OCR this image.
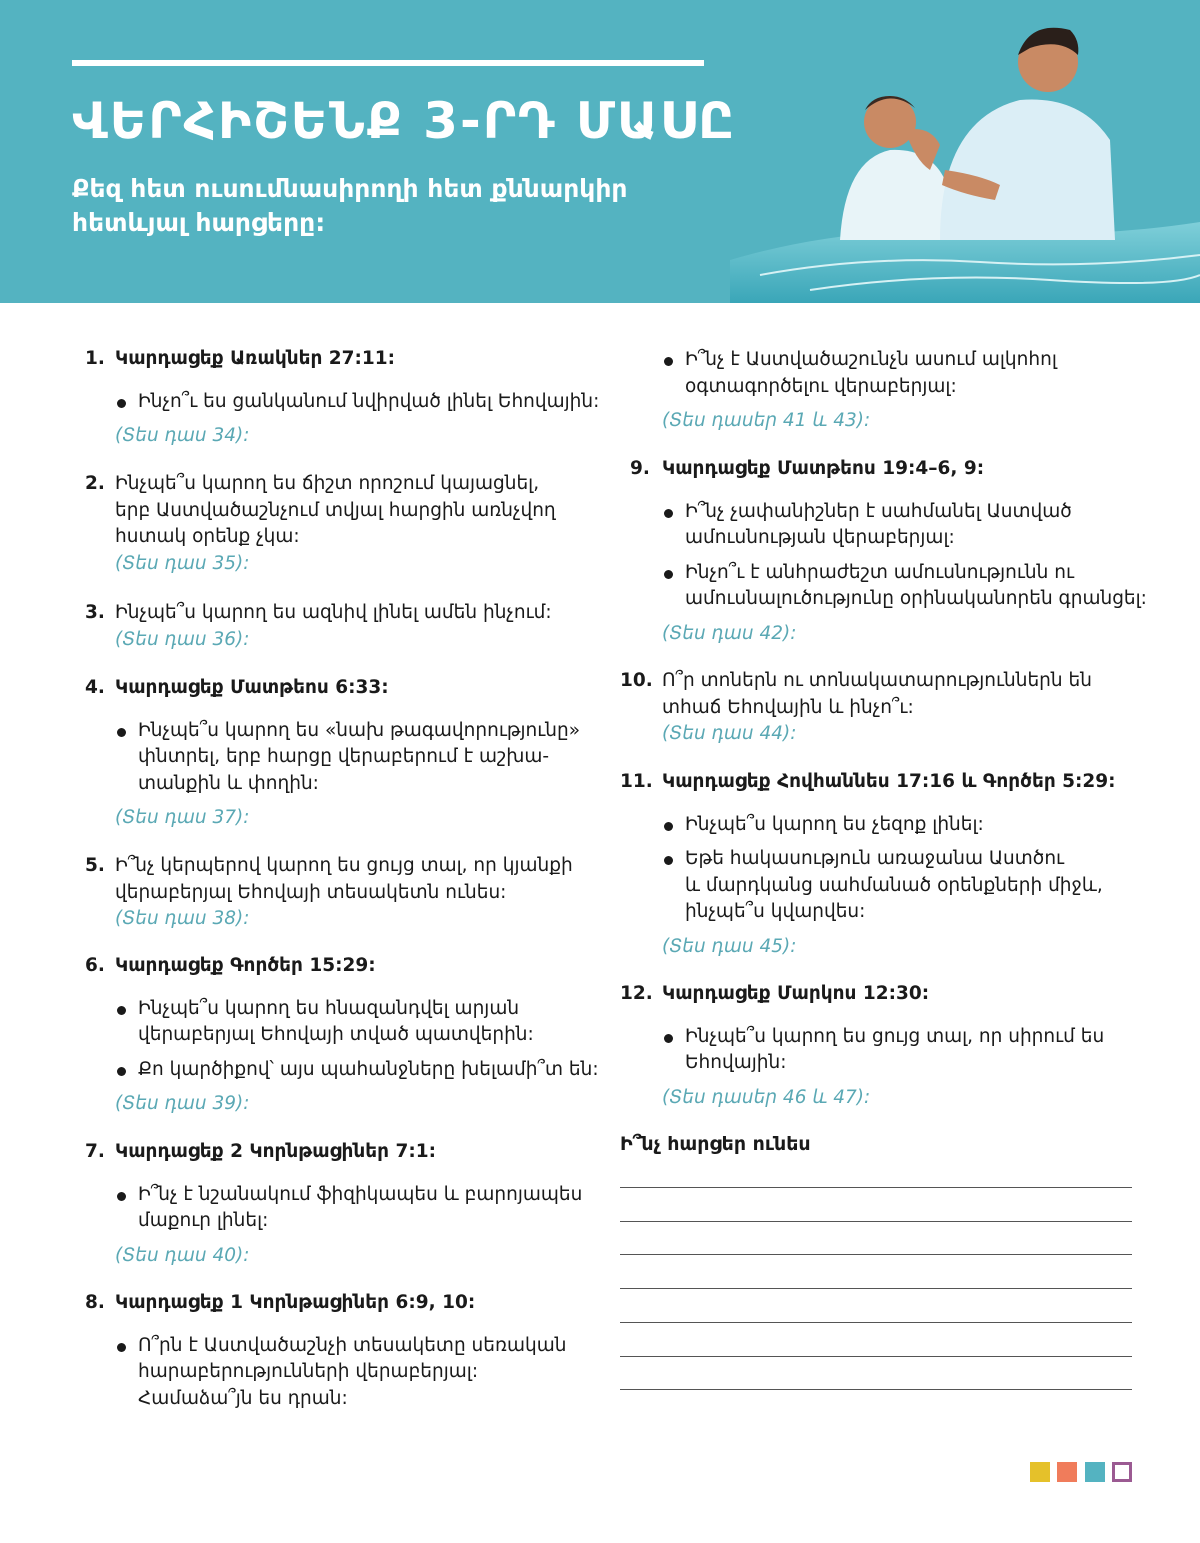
ՎԵՐՀԻՇԵՆՔ 3-ՐԴ ՄԱՍԸ
Քեզ հետ ուսումնասիրողի հետ քննարկիր
հետևյալ հարցերը:
1. Կարդացեք Առակներ 27:11:
Ինչո՞ւ ես ցանկանում նվիրված լինել Եհովային:
(Տես դաս 34):
2. Ինչպե՞ս կարող ես ճիշտ որոշում կայացնել,
երբ Աստվածաշնչում տվյալ հարցին առնչվող
հստակ օրենք չկա:
(Տես դաս 35):
3. Ինչպե՞ս կարող ես ազնիվ լինել ամեն ինչում:
(Տես դաս 36):
4. Կարդացեք Մատթեոս 6:33:
Ինչպե՞ս կարող ես «նախ թագավորությունը»
փնտրել, երբ հարցը վերաբերում է աշխա-
տանքին և փողին:
(Տես դաս 37):
5. Ի՞նչ կերպերով կարող ես ցույց տալ, որ կյանքի
վերաբերյալ Եհովայի տեսակետն ունես:
(Տես դաս 38):
6. Կարդացեք Գործեր 15:29:
Ինչպե՞ս կարող ես հնազանդվել արյան
վերաբերյալ Եհովայի տված պատվերին:
Քո կարծիքով՝ այս պահանջները խելամի՞տ են:
(Տես դաս 39):
7. Կարդացեք 2 Կորնթացիներ 7:1:
Ի՞նչ է նշանակում ֆիզիկապես և բարոյապես
մաքուր լինել:
(Տես դաս 40):
8. Կարդացեք 1 Կորնթացիներ 6:9, 10:
Ո՞րն է Աստվածաշնչի տեսակետը սեռական
հարաբերությունների վերաբերյալ:
Համաձա՞յն ես դրան:
Ի՞նչ է Աստվածաշունչն ասում ալկոհոլ
օգտագործելու վերաբերյալ:
(Տես դասեր 41 և 43):
9. Կարդացեք Մատթեոս 19:4–6, 9:
Ի՞նչ չափանիշներ է սահմանել Աստված
ամուսնության վերաբերյալ:
Ինչո՞ւ է անհրաժեշտ ամուսնությունն ու
ամուսնալուծությունը օրինականորեն գրանցել:
(Տես դաս 42):
10. Ո՞ր տոներն ու տոնակատարություններն են
տհաճ Եհովային և ինչո՞ւ:
(Տես դաս 44):
11. Կարդացեք Հովհաննես 17:16 և Գործեր 5:29:
Ինչպե՞ս կարող ես չեզոք լինել:
Եթե հակասություն առաջանա Աստծու
և մարդկանց սահմանած օրենքների միջև,
ինչպե՞ս կվարվես:
(Տես դաս 45):
12. Կարդացեք Մարկոս 12:30:
Ինչպե՞ս կարող ես ցույց տալ, որ սիրում ես
Եհովային:
(Տես դասեր 46 և 47):
Ի՞նչ հարցեր ունես
